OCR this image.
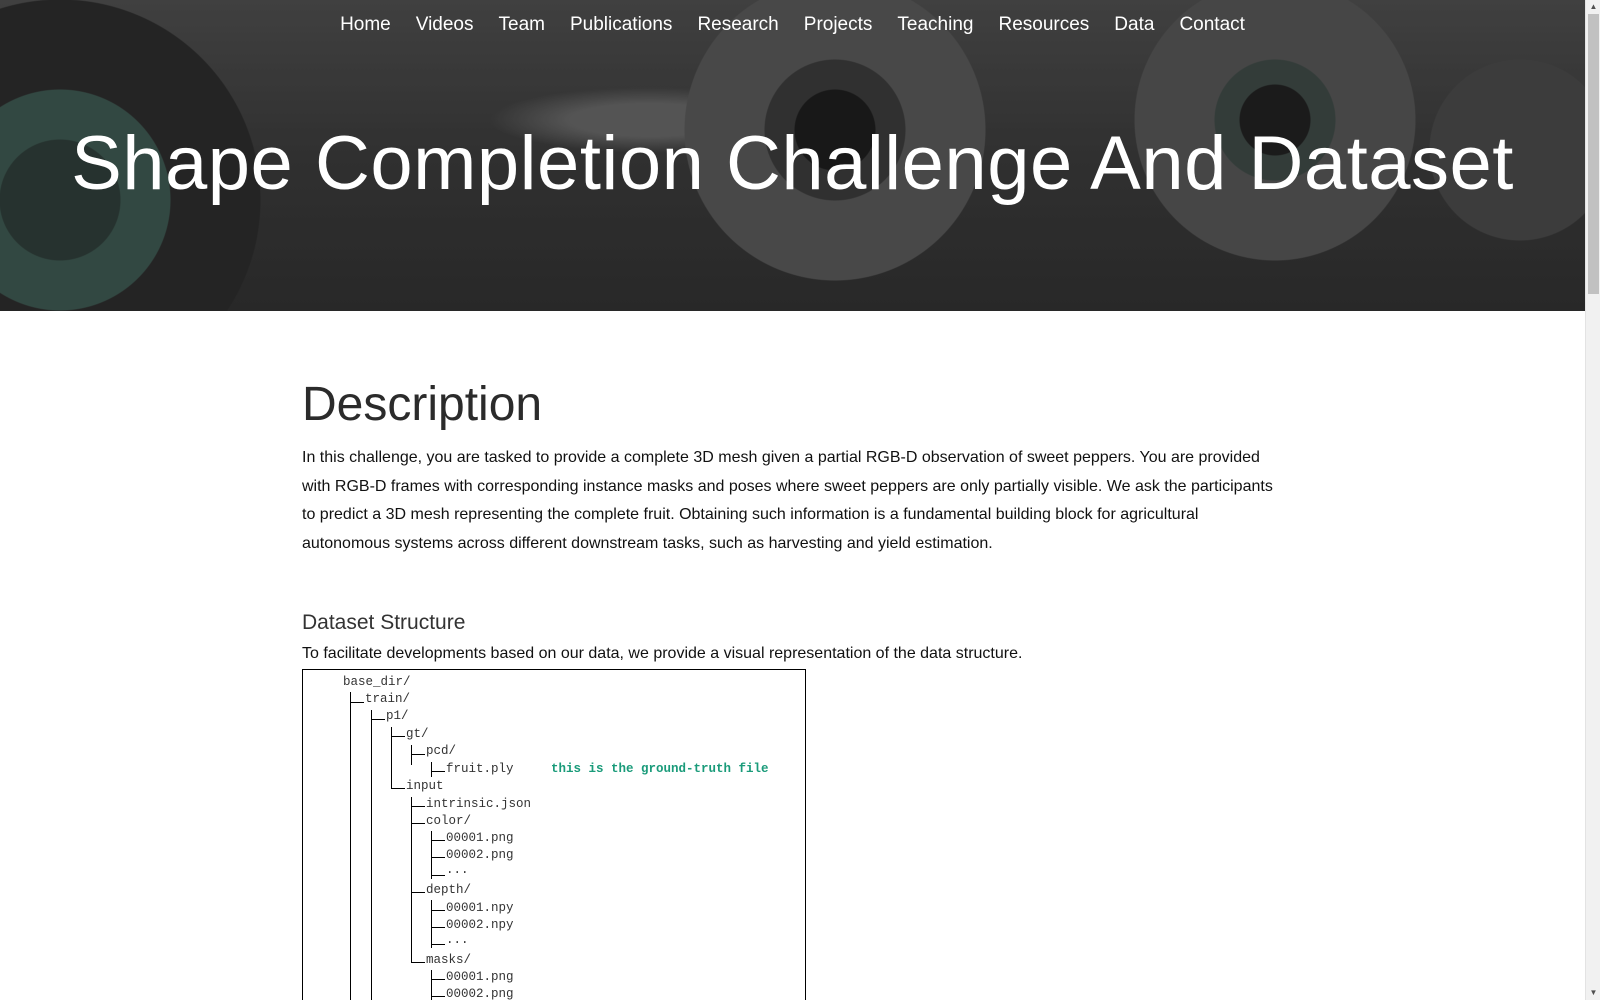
Home	Videos	Team	Publications	Research	Projects	Teaching	Resources	Data	Contact
Shape Completion Challenge And Dataset
▲
▼
Description

In this challenge, you are tasked to provide a complete 3D mesh given a partial RGB-D observation of sweet peppers. You are provided with RGB-D frames with corresponding instance masks and poses where sweet peppers are only partially visible. We ask the participants to predict a 3D mesh representing the complete fruit. Obtaining such information is a fundamental building block for agricultural autonomous systems across different downstream tasks, such as harvesting and yield estimation.

Dataset Structure

To facilitate developments based on our data, we provide a visual representation of the data structure.

base_dir/
train/
p1/
gt/
pcd/
fruit.ply	this is the ground-truth file
input
intrinsic.json
color/
00001.png
00002.png
...
depth/
00001.npy
00002.npy
...
masks/
00001.png
00002.png
